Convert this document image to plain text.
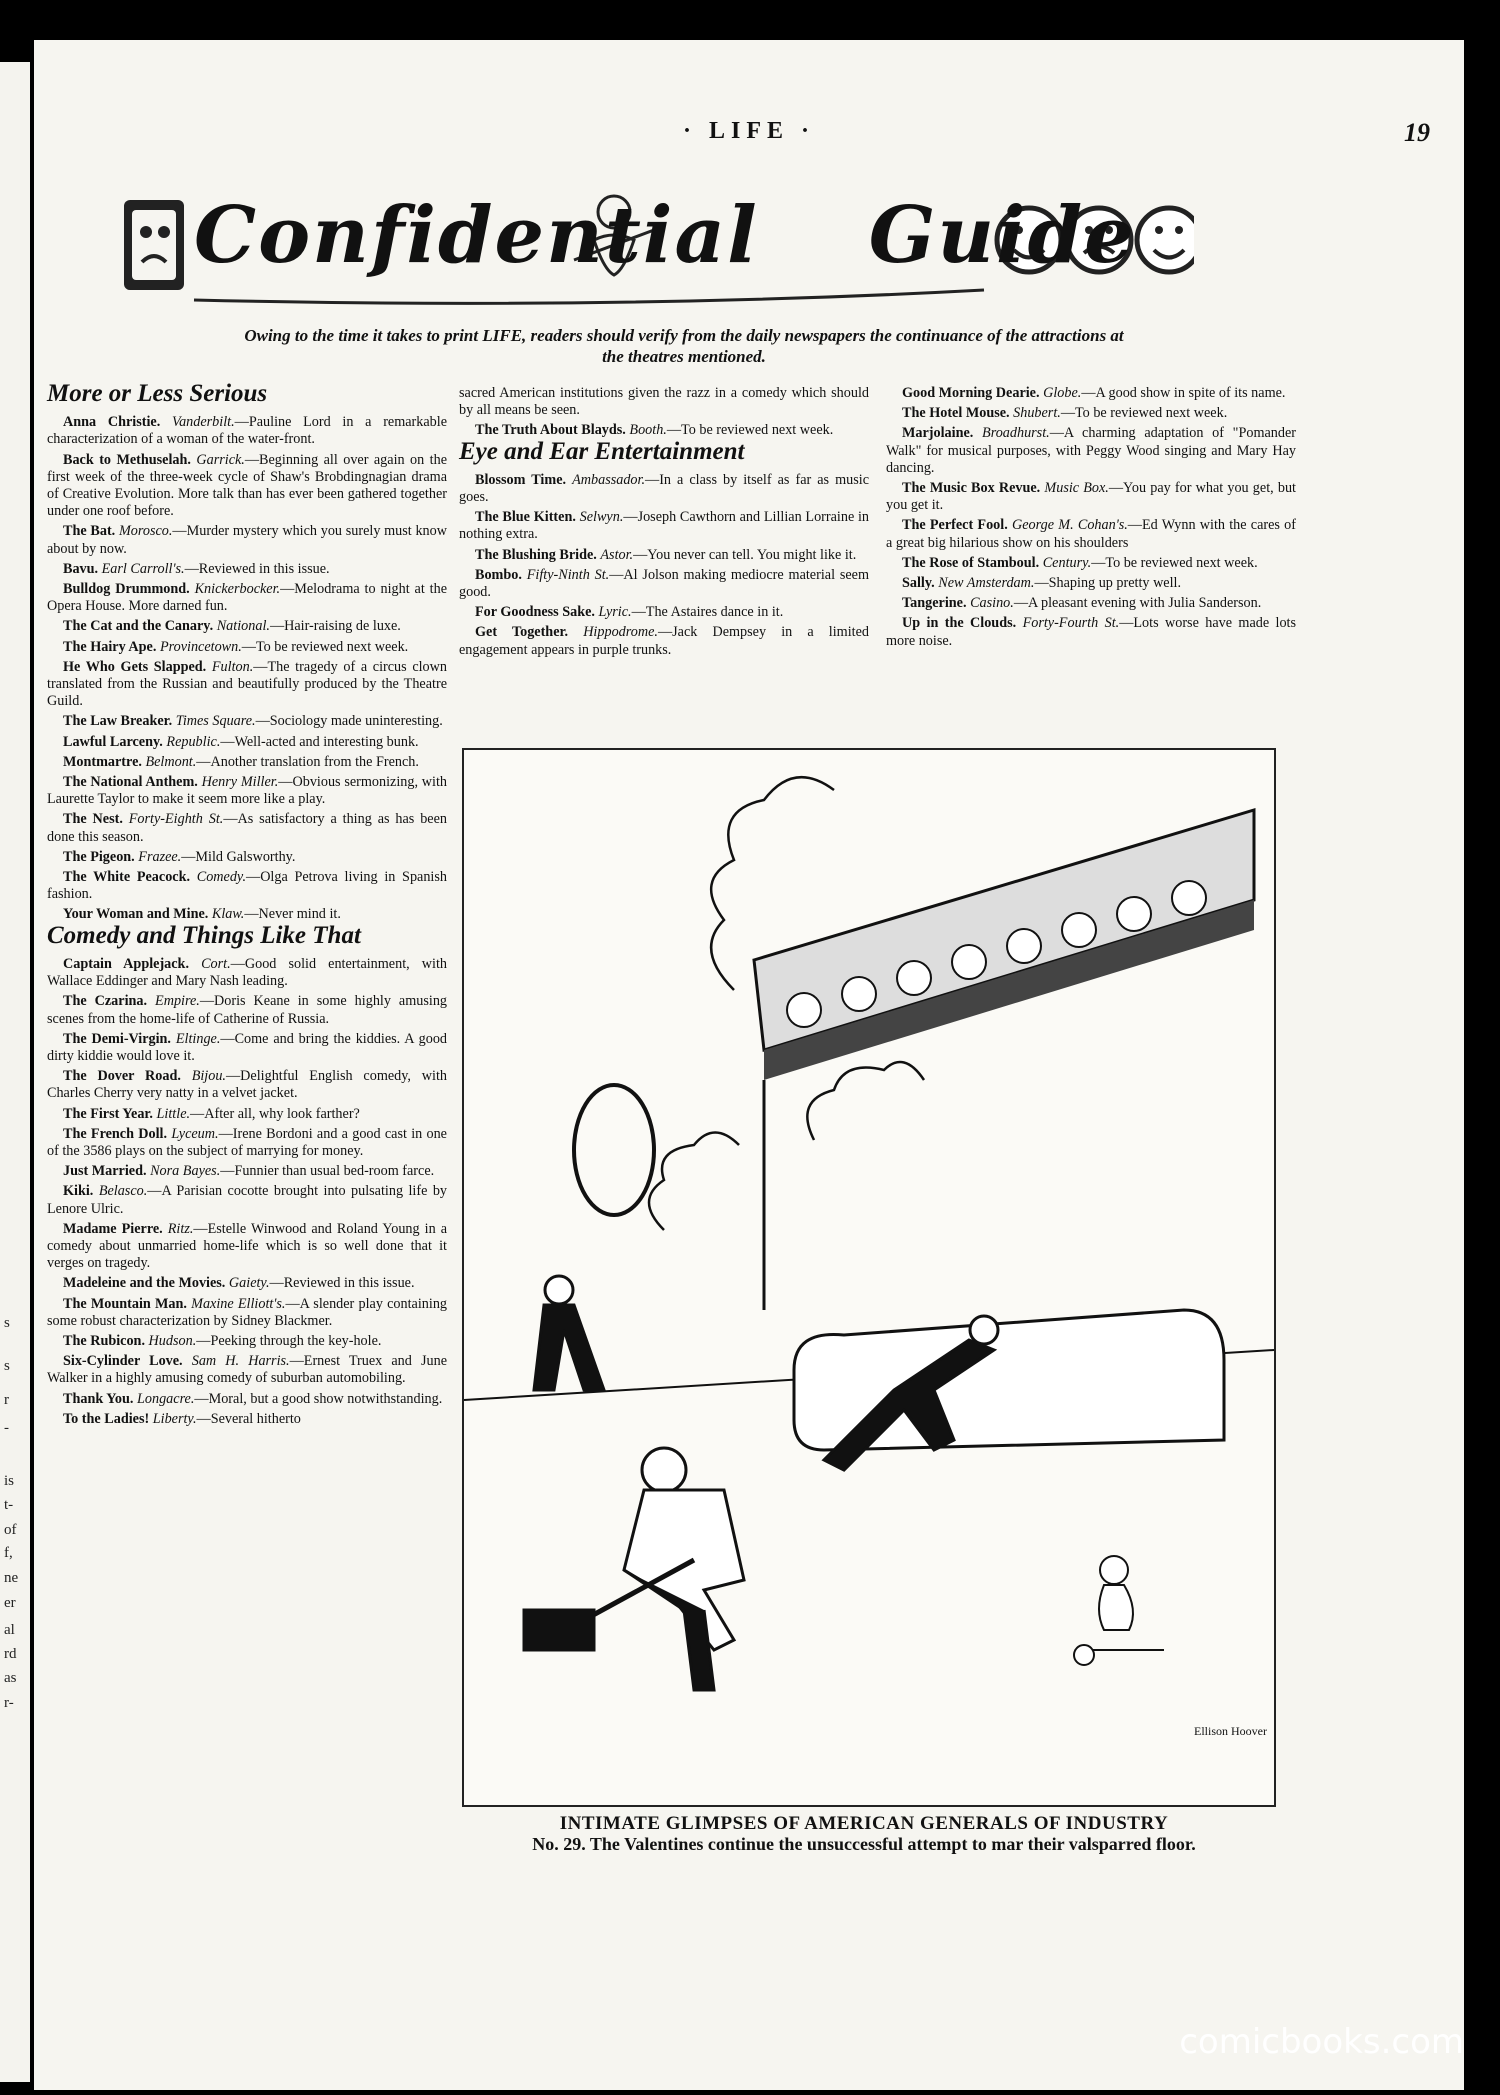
s
s
r
-
is
t-
of
f,
ne
er
al
rd
as
r-
· LIFE ·	19
Confidential Guide
Owing to the time it takes to print LIFE, readers should verify from the daily newspapers the continuance of the attractions at the theatres mentioned.
More or Less Serious

Anna Christie. Vanderbilt.—Pauline Lord in a remarkable characterization of a woman of the water-front.

Back to Methuselah. Garrick.—Beginning all over again on the first week of the three-week cycle of Shaw's Brobdingnagian drama of Creative Evolution. More talk than has ever been gathered together under one roof before.

The Bat. Morosco.—Murder mystery which you surely must know about by now.

Bavu. Earl Carroll's.—Reviewed in this issue.

Bulldog Drummond. Knickerbocker.—Melodrama to night at the Opera House. More darned fun.

The Cat and the Canary. National.—Hair-raising de luxe.

The Hairy Ape. Provincetown.—To be reviewed next week.

He Who Gets Slapped. Fulton.—The tragedy of a circus clown translated from the Russian and beautifully produced by the Theatre Guild.

The Law Breaker. Times Square.—Sociology made uninteresting.

Lawful Larceny. Republic.—Well-acted and interesting bunk.

Montmartre. Belmont.—Another translation from the French.

The National Anthem. Henry Miller.—Obvious sermonizing, with Laurette Taylor to make it seem more like a play.

The Nest. Forty-Eighth St.—As satisfactory a thing as has been done this season.

The Pigeon. Frazee.—Mild Galsworthy.

The White Peacock. Comedy.—Olga Petrova living in Spanish fashion.

Your Woman and Mine. Klaw.—Never mind it.

Comedy and Things Like That

Captain Applejack. Cort.—Good solid entertainment, with Wallace Eddinger and Mary Nash leading.

The Czarina. Empire.—Doris Keane in some highly amusing scenes from the home-life of Catherine of Russia.

The Demi-Virgin. Eltinge.—Come and bring the kiddies. A good dirty kiddie would love it.

The Dover Road. Bijou.—Delightful English comedy, with Charles Cherry very natty in a velvet jacket.

The First Year. Little.—After all, why look farther?

The French Doll. Lyceum.—Irene Bordoni and a good cast in one of the 3586 plays on the subject of marrying for money.

Just Married. Nora Bayes.—Funnier than usual bed-room farce.

Kiki. Belasco.—A Parisian cocotte brought into pulsating life by Lenore Ulric.

Madame Pierre. Ritz.—Estelle Winwood and Roland Young in a comedy about unmarried home-life which is so well done that it verges on tragedy.

Madeleine and the Movies. Gaiety.—Reviewed in this issue.

The Mountain Man. Maxine Elliott's.—A slender play containing some robust characterization by Sidney Blackmer.

The Rubicon. Hudson.—Peeking through the key-hole.

Six-Cylinder Love. Sam H. Harris.—Ernest Truex and June Walker in a highly amusing comedy of suburban automobiling.

Thank You. Longacre.—Moral, but a good show notwithstanding.

To the Ladies! Liberty.—Several hitherto

sacred American institutions given the razz in a comedy which should by all means be seen.

The Truth About Blayds. Booth.—To be reviewed next week.

Eye and Ear Entertainment

Blossom Time. Ambassador.—In a class by itself as far as music goes.

The Blue Kitten. Selwyn.—Joseph Cawthorn and Lillian Lorraine in nothing extra.

The Blushing Bride. Astor.—You never can tell. You might like it.

Bombo. Fifty-Ninth St.—Al Jolson making mediocre material seem good.

For Goodness Sake. Lyric.—The Astaires dance in it.

Get Together. Hippodrome.—Jack Dempsey in a limited engagement appears in purple trunks.

Good Morning Dearie. Globe.—A good show in spite of its name.

The Hotel Mouse. Shubert.—To be reviewed next week.

Marjolaine. Broadhurst.—A charming adaptation of "Pomander Walk" for musical purposes, with Peggy Wood singing and Mary Hay dancing.

The Music Box Revue. Music Box.—You pay for what you get, but you get it.

The Perfect Fool. George M. Cohan's.—Ed Wynn with the cares of a great big hilarious show on his shoulders

The Rose of Stamboul. Century.—To be reviewed next week.

Sally. New Amsterdam.—Shaping up pretty well.

Tangerine. Casino.—A pleasant evening with Julia Sanderson.

Up in the Clouds. Forty-Fourth St.—Lots worse have made lots more noise.

Ellison Hoover
INTIMATE GLIMPSES OF AMERICAN GENERALS OF INDUSTRY
No. 29. The Valentines continue the unsuccessful attempt to mar their valsparred floor.
comicbooks.com
